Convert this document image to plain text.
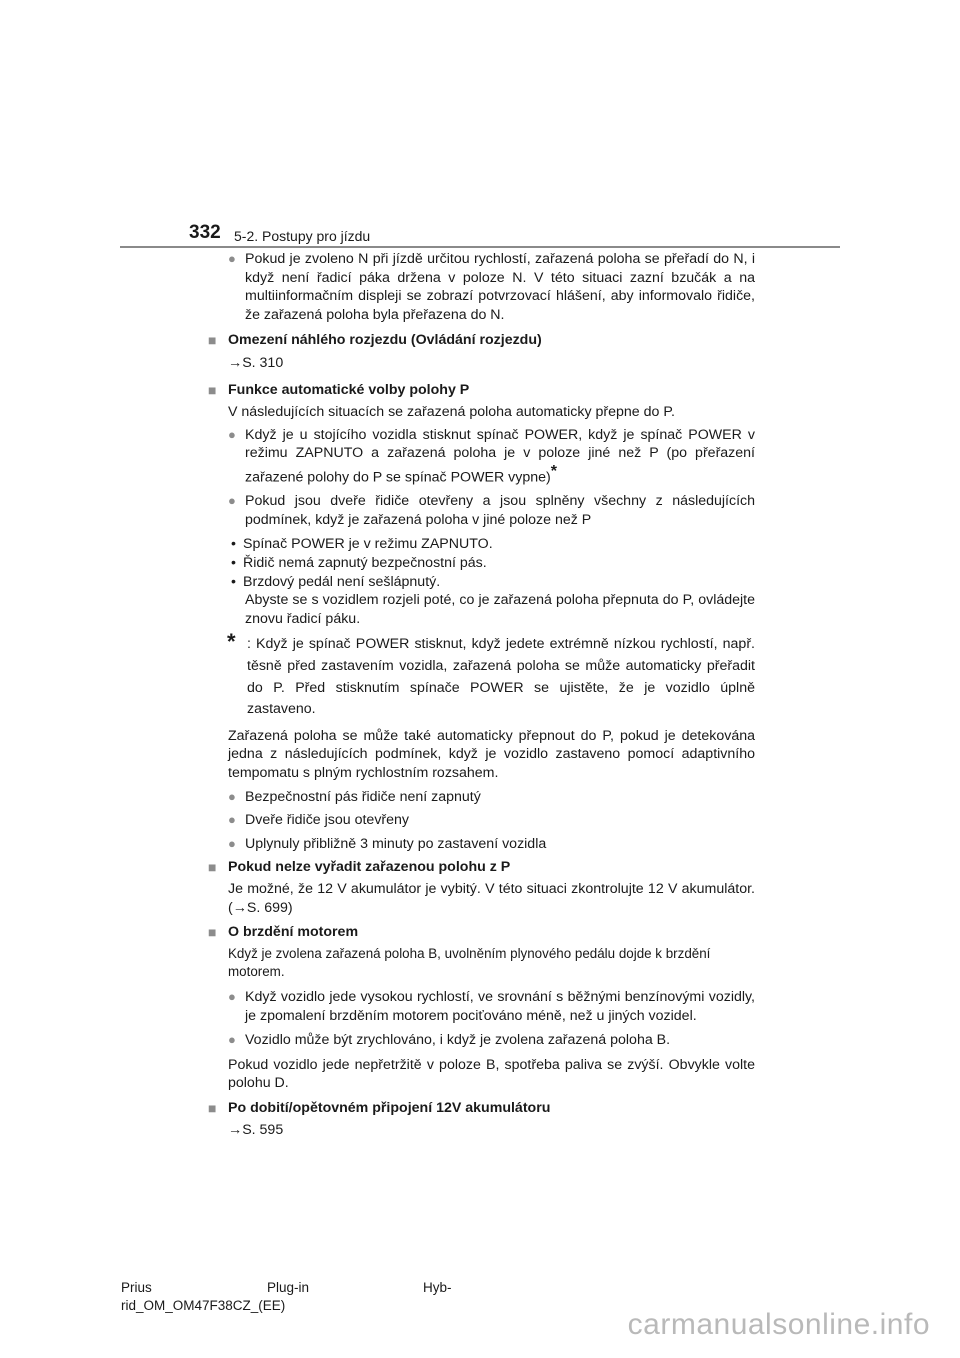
332 5-2. Postupy pro jízdu
● Pokud je zvoleno N při jízdě určitou rychlostí, zařazená poloha se přeřadí do N, i když není řadicí páka držena v poloze N. V této situaci zazní bzučák a na multiinformačním displeji se zobrazí potvrzovací hlášení, aby informovalo řidiče, že zařazená poloha byla přeřazena do N.

■ Omezení náhlého rozjezdu (Ovládání rozjezdu)

→S. 310

■ Funkce automatické volby polohy P

V následujících situacích se zařazená poloha automaticky přepne do P.

● Když je u stojícího vozidla stisknut spínač POWER, když je spínač POWER v režimu ZAPNUTO a zařazená poloha je v poloze jiné než P (po přeřazení zařazené polohy do P se spínač POWER vypne)*

● Pokud jsou dveře řidiče otevřeny a jsou splněny všechny z následujících podmínek, když je zařazená poloha v jiné poloze než P

• Spínač POWER je v režimu ZAPNUTO.
• Řidič nemá zapnutý bezpečnostní pás.
• Brzdový pedál není sešlápnutý.

Abyste se s vozidlem rozjeli poté, co je zařazená poloha přepnuta do P, ovládejte znovu řadicí páku.

* : Když je spínač POWER stisknut, když jedete extrémně nízkou rychlostí, např. těsně před zastavením vozidla, zařazená poloha se může automaticky přeřadit do P. Před stisknutím spínače POWER se ujistěte, že je vozidlo úplně zastaveno.

Zařazená poloha se může také automaticky přepnout do P, pokud je detekována jedna z následujících podmínek, když je vozidlo zastaveno pomocí adaptivního tempomatu s plným rychlostním rozsahem.

● Bezpečnostní pás řidiče není zapnutý

● Dveře řidiče jsou otevřeny

● Uplynuly přibližně 3 minuty po zastavení vozidla

■ Pokud nelze vyřadit zařazenou polohu z P

Je možné, že 12 V akumulátor je vybitý. V této situaci zkontrolujte 12 V akumulátor. (→S. 699)

■ O brzdění motorem

Když je zvolena zařazená poloha B, uvolněním plynového pedálu dojde k brzdění motorem.

● Když vozidlo jede vysokou rychlostí, ve srovnání s běžnými benzínovými vozidly, je zpomalení brzděním motorem pociťováno méně, než u jiných vozidel.

● Vozidlo může být zrychlováno, i když je zvolena zařazená poloha B.

Pokud vozidlo jede nepřetržitě v poloze B, spotřeba paliva se zvýší. Obvykle volte polohu D.

■ Po dobití/opětovném připojení 12V akumulátoru

→S. 595

Prius	Plug-in	Hyb-
rid_OM_OM47F38CZ_(EE)
carmanualsonline.info
